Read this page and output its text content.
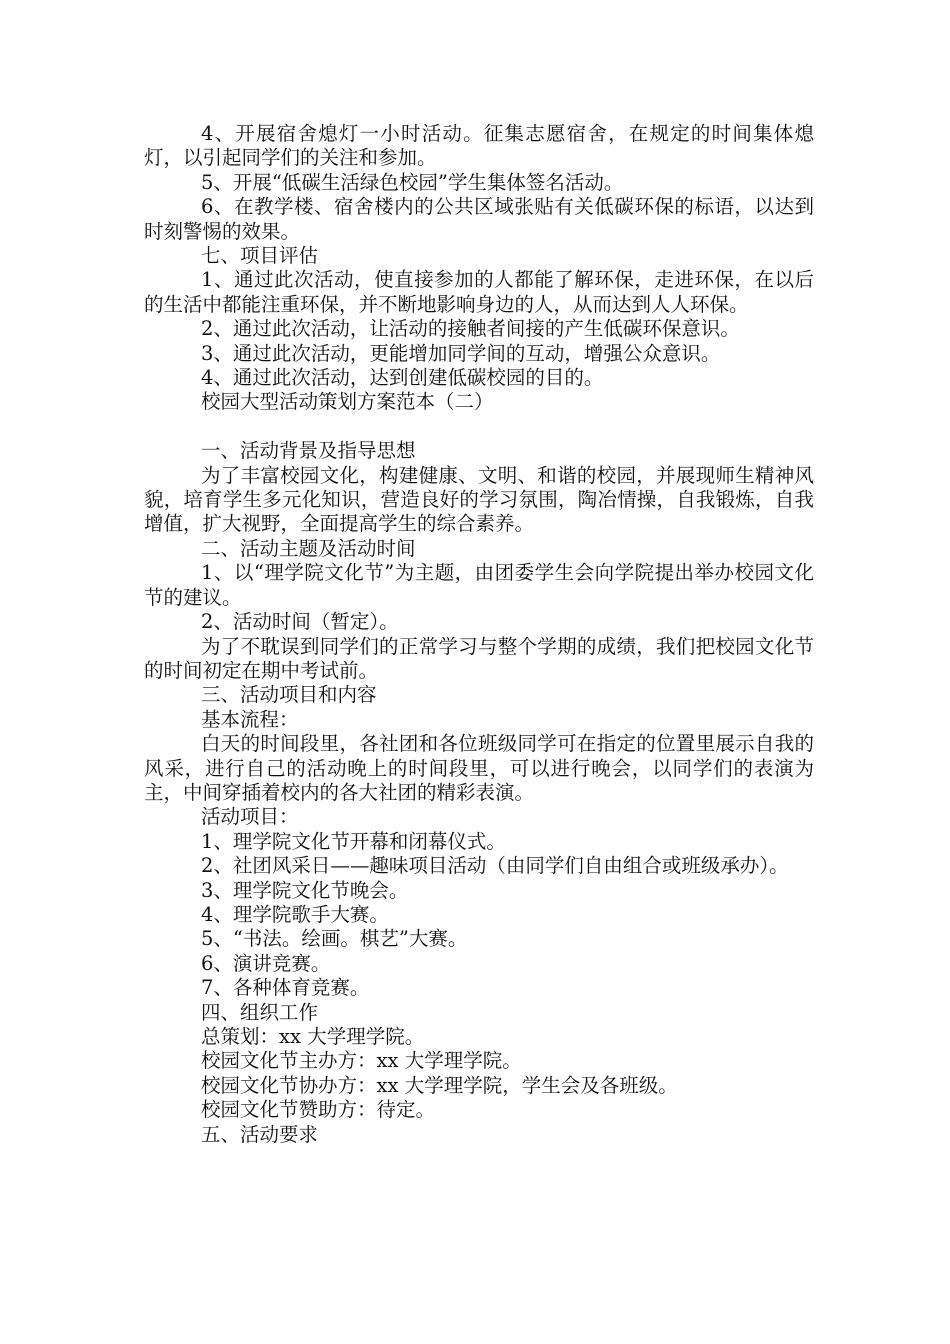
4、开展宿舍熄灯一小时活动。征集志愿宿舍，在规定的时间集体熄灯，以引起同学们的关注和参加。

5、开展“低碳生活绿色校园”学生集体签名活动。

6、在教学楼、宿舍楼内的公共区域张贴有关低碳环保的标语，以达到时刻警惕的效果。

七、项目评估

1、通过此次活动，使直接参加的人都能了解环保，走进环保，在以后的生活中都能注重环保，并不断地影响身边的人，从而达到人人环保。

2、通过此次活动，让活动的接触者间接的产生低碳环保意识。

3、通过此次活动，更能增加同学间的互动，增强公众意识。

4、通过此次活动，达到创建低碳校园的目的。

校园大型活动策划方案范本（二）

一、活动背景及指导思想

为了丰富校园文化，构建健康、文明、和谐的校园，并展现师生精神风貌，培育学生多元化知识，营造良好的学习氛围，陶冶情操，自我锻炼，自我增值，扩大视野，全面提高学生的综合素养。

二、活动主题及活动时间

1、以“理学院文化节”为主题，由团委学生会向学院提出举办校园文化节的建议。

2、活动时间（暂定）。

为了不耽误到同学们的正常学习与整个学期的成绩，我们把校园文化节的时间初定在期中考试前。

三、活动项目和内容

基本流程：

白天的时间段里，各社团和各位班级同学可在指定的位置里展示自我的风采，进行自己的活动晚上的时间段里，可以进行晚会，以同学们的表演为主，中间穿插着校内的各大社团的精彩表演。

活动项目：

1、理学院文化节开幕和闭幕仪式。

2、社团风采日——趣味项目活动（由同学们自由组合或班级承办）。

3、理学院文化节晚会。

4、理学院歌手大赛。

5、“书法。绘画。棋艺”大赛。

6、演讲竞赛。

7、各种体育竞赛。

四、组织工作

总策划：xx 大学理学院。

校园文化节主办方：xx 大学理学院。

校园文化节协办方：xx 大学理学院，学生会及各班级。

校园文化节赞助方：待定。

五、活动要求
